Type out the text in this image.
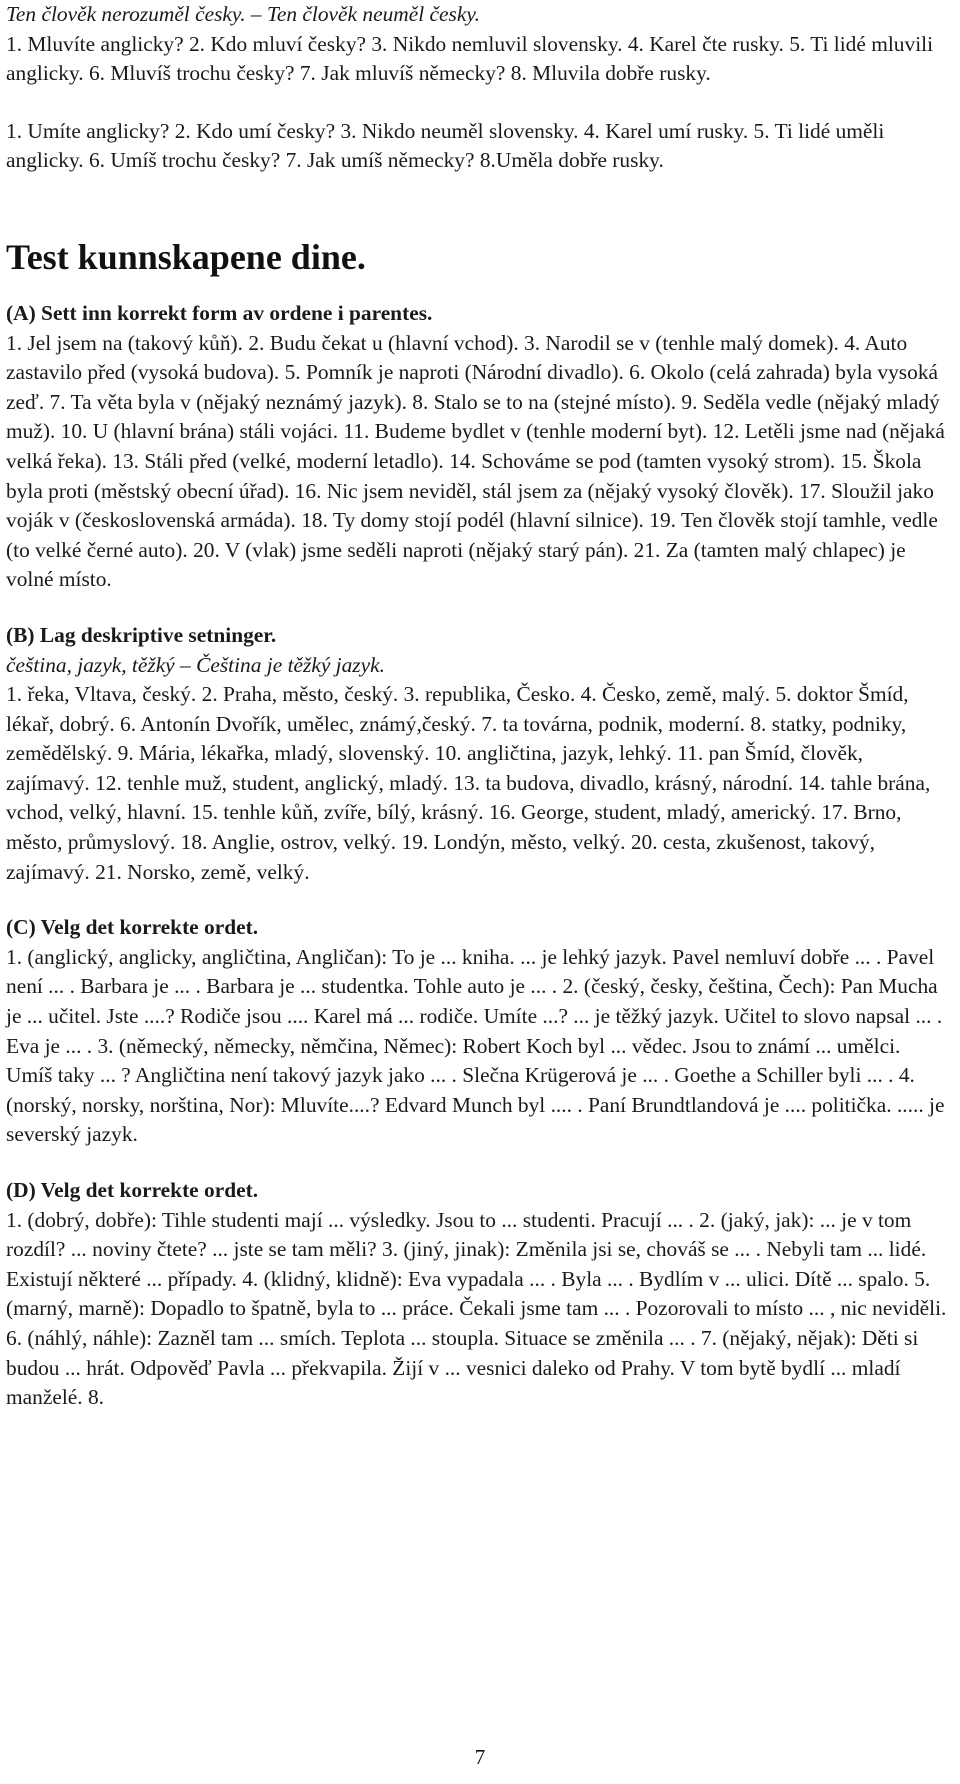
Ten člověk nerozuměl česky. – Ten člověk neuměl česky.

1. Mluvíte anglicky? 2. Kdo mluví česky? 3. Nikdo nemluvil slovensky. 4. Karel čte rusky. 5. Ti lidé mluvili anglicky. 6. Mluvíš trochu česky? 7. Jak mluvíš německy? 8. Mluvila dobře rusky.

1. Umíte anglicky? 2. Kdo umí česky? 3. Nikdo neuměl slovensky. 4. Karel umí rusky. 5. Ti lidé uměli anglicky. 6. Umíš trochu česky? 7. Jak umíš německy? 8.Uměla dobře rusky.

Test kunnskapene dine.

(A) Sett inn korrekt form av ordene i parentes.

1. Jel jsem na (takový kůň). 2. Budu čekat u (hlavní vchod). 3. Narodil se v (tenhle malý domek). 4. Auto zastavilo před (vysoká budova). 5. Pomník je naproti (Národní divadlo). 6. Okolo (celá zahrada) byla vysoká zeď. 7. Ta věta byla v (nějaký neznámý jazyk). 8. Stalo se to na (stejné místo). 9. Seděla vedle (nějaký mladý muž). 10. U (hlavní brána) stáli vojáci. 11. Budeme bydlet v (tenhle moderní byt). 12. Letěli jsme nad (nějaká velká řeka). 13. Stáli před (velké, moderní letadlo). 14. Schováme se pod (tamten vysoký strom). 15. Škola byla proti (městský obecní úřad). 16. Nic jsem neviděl, stál jsem za (nějaký vysoký člověk). 17. Sloužil jako voják v (československá armáda). 18. Ty domy stojí podél (hlavní silnice). 19. Ten člověk stojí tamhle, vedle (to velké černé auto). 20. V (vlak) jsme seděli naproti (nějaký starý pán). 21. Za (tamten malý chlapec) je volné místo.

(B) Lag deskriptive setninger.

čeština, jazyk, těžký – Čeština je těžký jazyk.

1. řeka, Vltava, český. 2. Praha, město, český. 3. republika, Česko. 4. Česko, země, malý. 5. doktor Šmíd, lékař, dobrý. 6. Antonín Dvořík, umělec, známý,český. 7. ta továrna, podnik, moderní. 8. statky, podniky, zemědělský. 9. Mária, lékařka, mladý, slovenský. 10. angličtina, jazyk, lehký. 11. pan Šmíd, člověk, zajímavý. 12. tenhle muž, student, anglický, mladý. 13. ta budova, divadlo, krásný, národní. 14. tahle brána, vchod, velký, hlavní. 15. tenhle kůň, zvíře, bílý, krásný. 16. George, student, mladý, americký. 17. Brno, město, průmyslový. 18. Anglie, ostrov, velký. 19. Londýn, město, velký. 20. cesta, zkušenost, takový, zajímavý. 21. Norsko, země, velký.

(C) Velg det korrekte ordet.

1. (anglický, anglicky, angličtina, Angličan): To je ... kniha. ... je lehký jazyk. Pavel nemluví dobře ... . Pavel není ... . Barbara je ... . Barbara je ... studentka. Tohle auto je ... . 2. (český, česky, čeština, Čech): Pan Mucha je ... učitel. Jste ....? Rodiče jsou .... Karel má ... rodiče. Umíte ...? ... je těžký jazyk. Učitel to slovo napsal ... . Eva je ... . 3. (německý, německy, němčina, Němec): Robert Koch byl ... vědec. Jsou to známí ... umělci. Umíš taky ... ? Angličtina není takový jazyk jako ... . Slečna Krügerová je ... . Goethe a Schiller byli ... . 4. (norský, norsky, norština, Nor): Mluvíte....? Edvard Munch byl .... . Paní Brundtlandová je .... politička. ..... je severský jazyk.

(D) Velg det korrekte ordet.

1. (dobrý, dobře): Tihle studenti mají ... výsledky. Jsou to ... studenti. Pracují ... . 2. (jaký, jak): ... je v tom rozdíl? ... noviny čtete? ... jste se tam měli? 3. (jiný, jinak): Změnila jsi se, chováš se ... . Nebyli tam ... lidé. Existují některé ... případy. 4. (klidný, klidně): Eva vypadala ... . Byla ... . Bydlím v ... ulici. Dítě ... spalo. 5. (marný, marně): Dopadlo to špatně, byla to ... práce. Čekali jsme tam ... . Pozorovali to místo ... , nic neviděli. 6. (náhlý, náhle): Zazněl tam ... smích. Teplota ... stoupla. Situace se změnila ... . 7. (nějaký, nějak): Děti si budou ... hrát. Odpověď Pavla ... překvapila. Žijí v ... vesnici daleko od Prahy. V tom bytě bydlí ... mladí manželé. 8.

7
